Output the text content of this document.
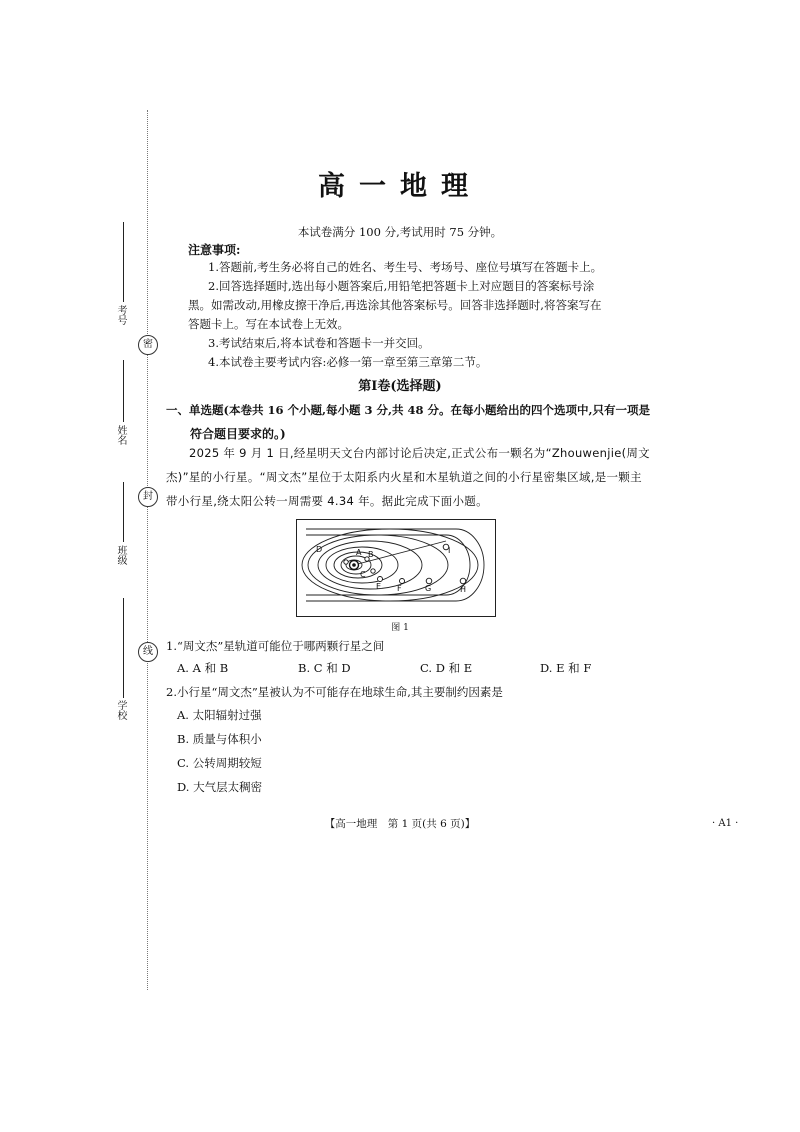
密
封
线
考号
姓名
班级
学校
高一地理
本试卷满分 100 分,考试用时 75 分钟。
注意事项:
1.答题前,考生务必将自己的姓名、考生号、考场号、座位号填写在答题卡上。
2.回答选择题时,选出每小题答案后,用铅笔把答题卡上对应题目的答案标号涂
黑。如需改动,用橡皮擦干净后,再选涂其他答案标号。回答非选择题时,将答案写在
答题卡上。写在本试卷上无效。
3.考试结束后,将本试卷和答题卡一并交回。
4.本试卷主要考试内容:必修一第一章至第三章第二节。
第Ⅰ卷(选择题)
一、单选题(本卷共 16 个小题,每小题 3 分,共 48 分。在每小题给出的四个选项中,只有一项是
符合题目要求的。)
2025 年 9 月 1 日,经星明天文台内部讨论后决定,正式公布一颗名为“Zhouwenjie(周文
杰)”星的小行星。“周文杰”星位于太阳系内火星和木星轨道之间的小行星密集区域,是一颗主
带小行星,绕太阳公转一周需要 4.34 年。据此完成下面小题。
D	A B
C
E F	G	H
I
图 1
1.“周文杰”星轨道可能位于哪两颗行星之间
A. A 和 B	B. C 和 D	C. D 和 E	D. E 和 F
2.小行星“周文杰”星被认为不可能存在地球生命,其主要制约因素是
A. 太阳辐射过强
B. 质量与体积小
C. 公转周期较短
D. 大气层太稠密
【高一地理　第 1 页(共 6 页)】	· A1 ·
